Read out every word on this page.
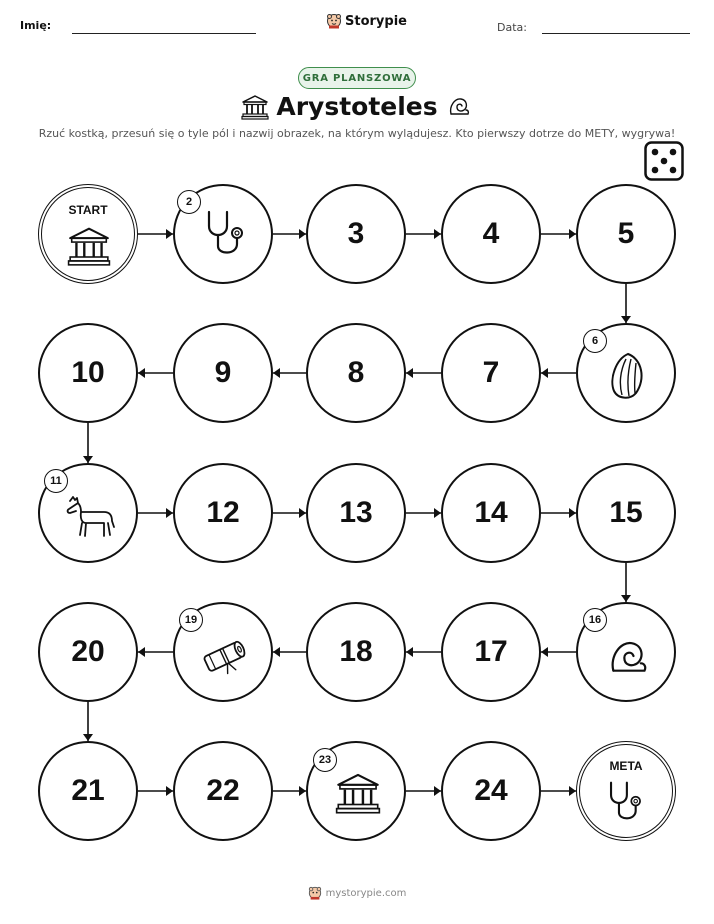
Imię:	Storypie	Data:
GRA PLANSZOWA
Arystoteles
Rzuć kostką, przesuń się o tyle pól i nazwij obrazek, na którym wylądujesz. Kto pierwszy dotrze do METY, wygrywa!
START
2
3	4	5
10	9	8	7
6
11
12	13	14	15
20
19
18	17
16
21	22
23
24
META
mystorypie.com
